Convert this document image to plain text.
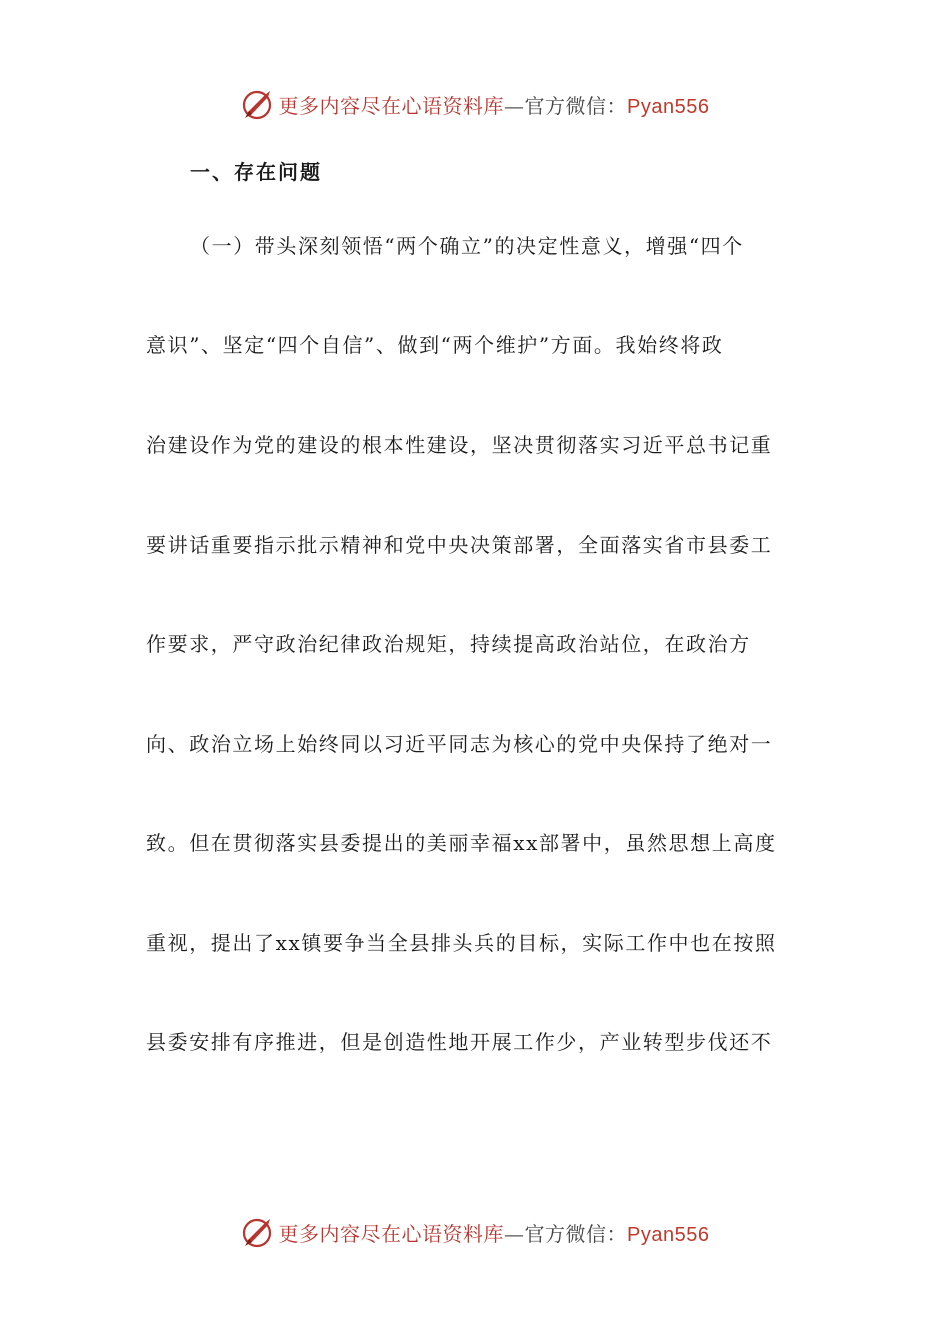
更多内容尽在心语资料库—官方微信：Pyan556
一、存在问题
（一）带头深刻领悟“两个确立”的决定性意义，增强“四个
意识”、坚定“四个自信”、做到“两个维护”方面。我始终将政
治建设作为党的建设的根本性建设，坚决贯彻落实习近平总书记重
要讲话重要指示批示精神和党中央决策部署，全面落实省市县委工
作要求，严守政治纪律政治规矩，持续提高政治站位，在政治方
向、政治立场上始终同以习近平同志为核心的党中央保持了绝对一
致。但在贯彻落实县委提出的美丽幸福xx部署中，虽然思想上高度
重视，提出了xx镇要争当全县排头兵的目标，实际工作中也在按照
县委安排有序推进，但是创造性地开展工作少，产业转型步伐还不
更多内容尽在心语资料库—官方微信：Pyan556
